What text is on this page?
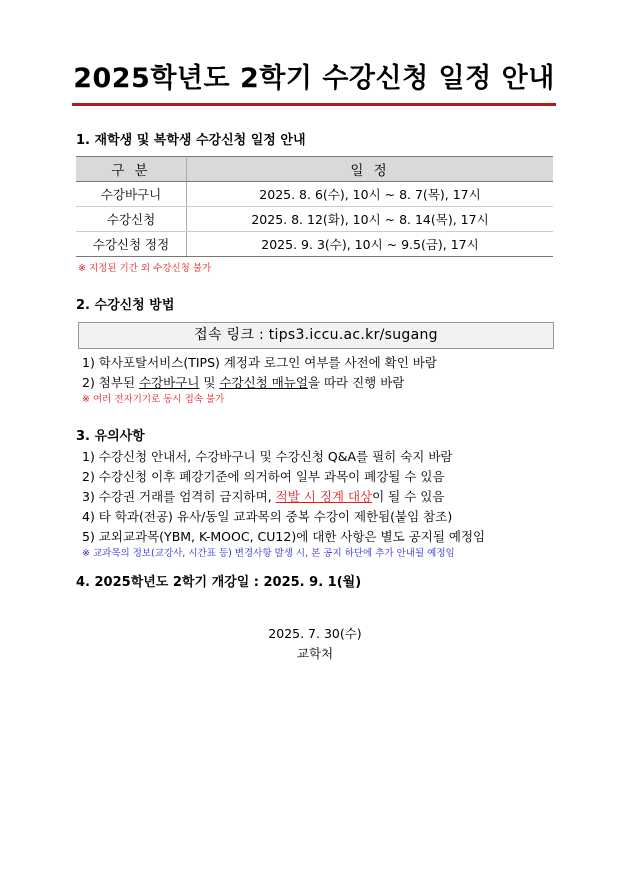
2025학년도 2학기 수강신청 일정 안내
1. 재학생 및 복학생 수강신청 일정 안내
구 분	일 정
수강바구니	2025. 8. 6(수), 10시 ~ 8. 7(목), 17시
수강신청	2025. 8. 12(화), 10시 ~ 8. 14(목), 17시
수강신청 정정	2025. 9. 3(수), 10시 ~ 9.5(금), 17시
※ 지정된 기간 외 수강신청 불가
2. 수강신청 방법
접속 링크 : tips3.iccu.ac.kr/sugang
1) 학사포탈서비스(TIPS) 계정과 로그인 여부를 사전에 확인 바람
2) 첨부된 수강바구니 및 수강신청 매뉴얼을 따라 진행 바람
※ 여러 전자기기로 동시 접속 불가
3. 유의사항
1) 수강신청 안내서, 수강바구니 및 수강신청 Q&A를 필히 숙지 바람
2) 수강신청 이후 폐강기준에 의거하여 일부 과목이 폐강될 수 있음
3) 수강권 거래를 엄격히 금지하며, 적발 시 징계 대상이 될 수 있음
4) 타 학과(전공) 유사/동일 교과목의 중복 수강이 제한됨(붙임 참조)
5) 교외교과목(YBM, K-MOOC, CU12)에 대한 사항은 별도 공지될 예정임
※ 교과목의 정보(교강사, 시간표 등) 변경사항 발생 시, 본 공지 하단에 추가 안내될 예정임
4. 2025학년도 2학기 개강일 : 2025. 9. 1(월)
2025. 7. 30(수)
교학처
